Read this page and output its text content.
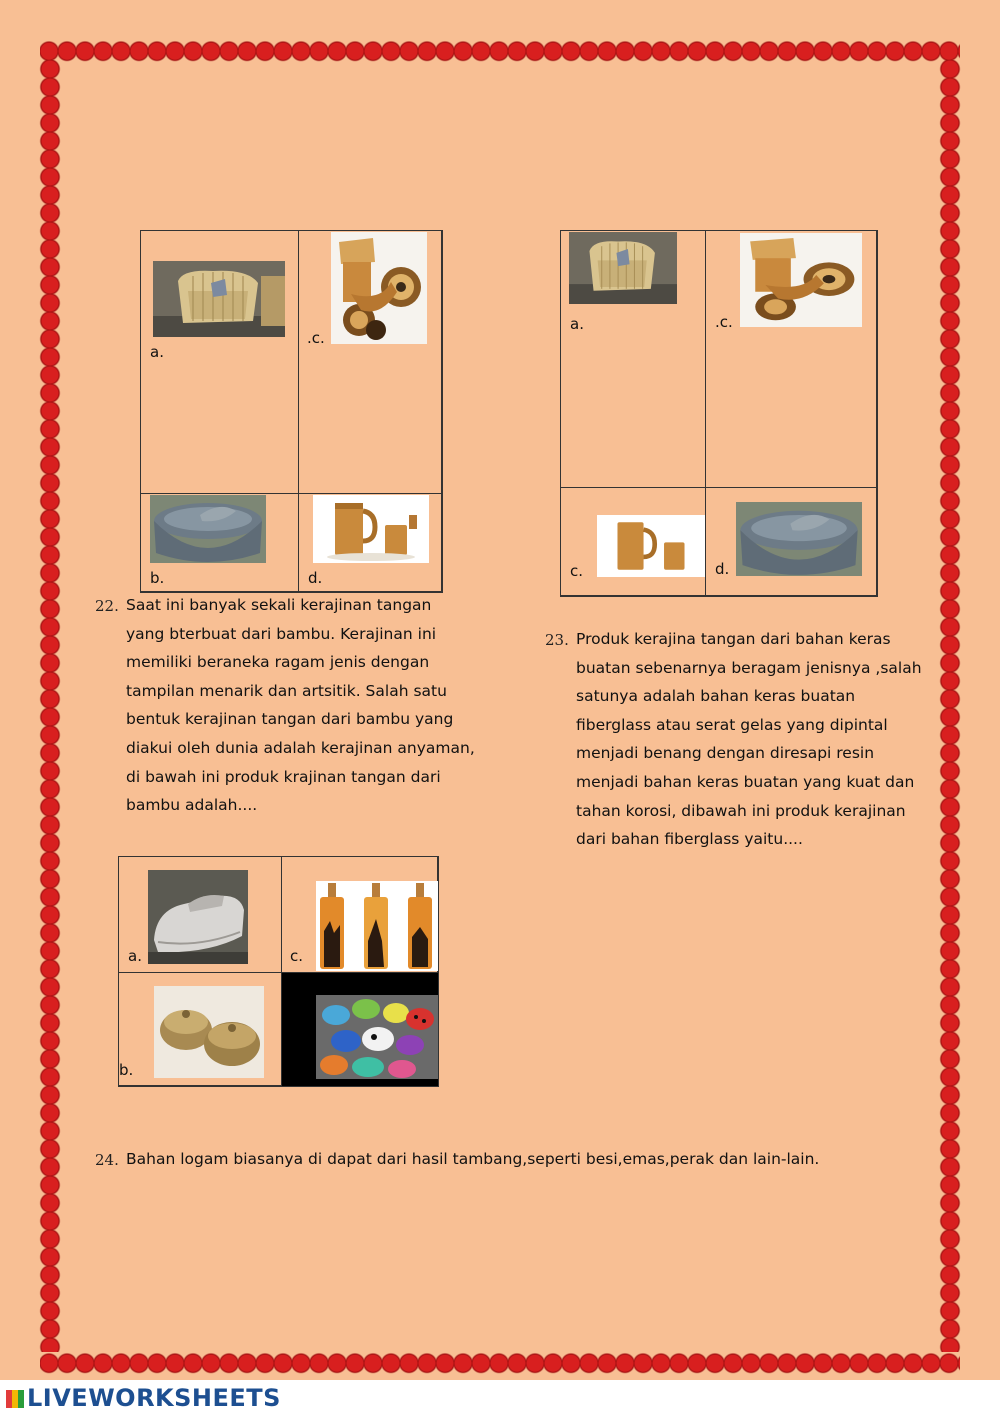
a.
.c.
b.	d.
a.	.c.
c.	d.
22. Saat ini banyak sekali kerajinan tangan
yang bterbuat dari bambu. Kerajinan ini
memiliki beraneka ragam jenis dengan
tampilan menarik dan artsitik. Salah satu
bentuk kerajinan tangan dari bambu yang
diakui oleh dunia adalah kerajinan anyaman,
di bawah ini produk krajinan tangan dari
bambu adalah....
23. Produk kerajina tangan dari bahan keras
buatan sebenarnya beragam jenisnya ,salah
satunya adalah bahan keras buatan
fiberglass atau serat gelas yang dipintal
menjadi benang dengan diresapi resin
menjadi bahan keras buatan yang kuat dan
tahan korosi, dibawah ini produk kerajinan
dari bahan fiberglass yaitu....
a.	c.
b.
24. Bahan logam biasanya di dapat dari hasil tambang,seperti besi,emas,perak dan lain-lain.
LIVEWORKSHEETS
